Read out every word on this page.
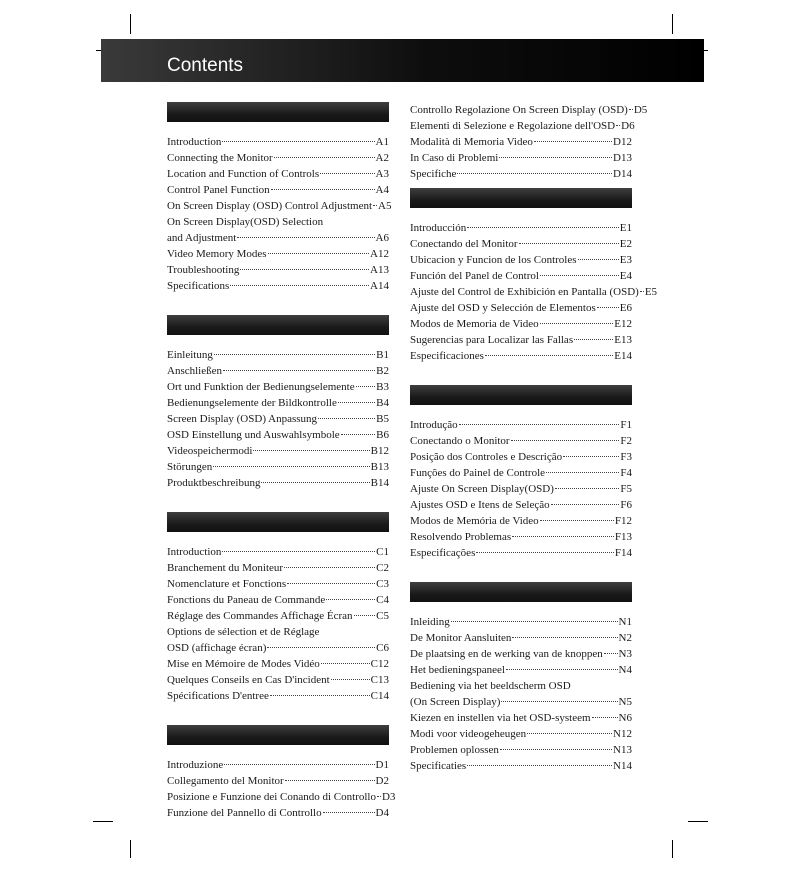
Contents
Introduction	A1
Connecting the Monitor	A2
Location and Function of Controls	A3
Control Panel Function	A4
On Screen Display (OSD) Control Adjustment A5
On Screen Display(OSD) Selection
and Adjustment	A6
Video Memory Modes	A12
Troubleshooting	A13
Specifications	A14
Einleitung	B1
Anschließen	B2
Ort und Funktion der Bedienungselemente B3
Bedienungselemente der Bildkontrolle	B4
Screen Display (OSD) Anpassung	B5
OSD Einstellung und Auswahlsymbole	B6
Videospeichermodi	B12
Störungen	B13
Produktbeschreibung	B14
Introduction	C1
Branchement du Moniteur	C2
Nomenclature et Fonctions	C3
Fonctions du Paneau de Commande	C4
Réglage des Commandes Affichage Écran C5
Options de sélection et de Réglage
OSD (affichage écran)	C6
Mise en Mémoire de Modes Vidéo	C12
Quelques Conseils en Cas D'incident	C13
Spécifications D'entree	C14
Introduzione	D1
Collegamento del Monitor	D2
Posizione e Funzione dei Conando di Controllo D3
Funzione del Pannello di Controllo	D4
Controllo Regolazione On Screen Display (OSD) D5
Elementi di Selezione e Regolazione dell'OSD D6
Modalità di Memoria Video	D12
In Caso di Problemi	D13
Specifiche	D14
Introducción	E1
Conectando del Monitor	E2
Ubicacion y Funcion de los Controles	E3
Función del Panel de Control	E4
Ajuste del Control de Exhibición en Pantalla (OSD) E5
Ajuste del OSD y Selección de Elementos E6
Modos de Memoria de Video	E12
Sugerencias para Localizar las Fallas	E13
Especificaciones	E14
Introdução	F1
Conectando o Monitor	F2
Posição dos Controles e Descrição	F3
Funções do Painel de Controle	F4
Ajuste On Screen Display(OSD)	F5
Ajustes OSD e Itens de Seleção	F6
Modos de Memória de Video	F12
Resolvendo Problemas	F13
Especificações	F14
Inleiding	N1
De Monitor Aansluiten	N2
De plaatsing en de werking van de knoppen N3
Het bedieningspaneel	N4
Bediening via het beeldscherm OSD
(On Screen Display)	N5
Kiezen en instellen via het OSD-systeem	N6
Modi voor videogeheugen	N12
Problemen oplossen	N13
Specificaties	N14
